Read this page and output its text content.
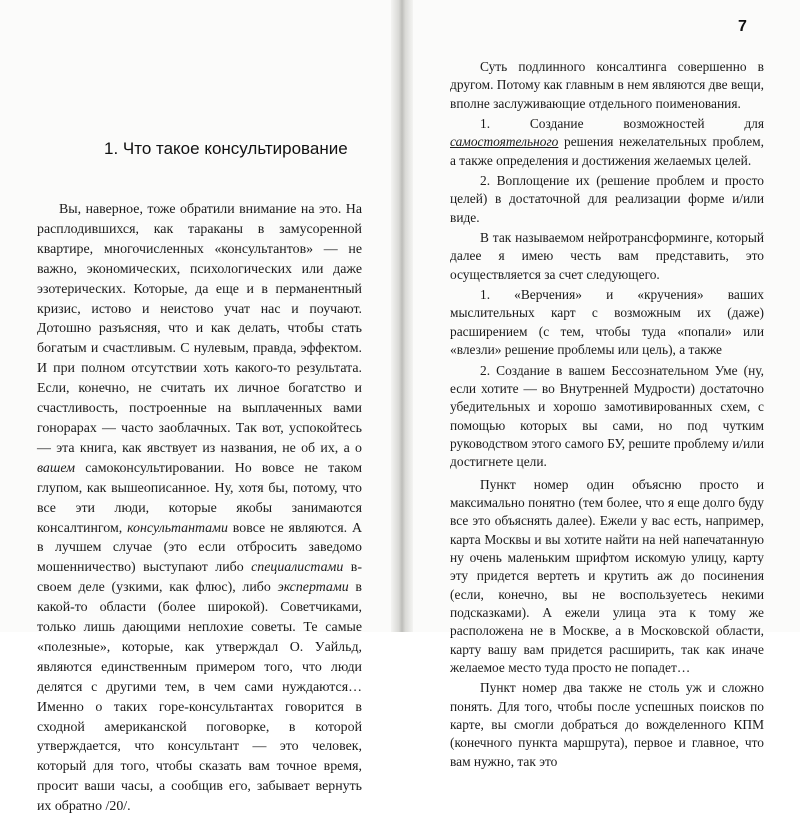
1. Что такое консультирование

Вы, наверное, тоже обратили внимание на это. На расплодившихся, как тараканы в замусоренной квартире, многочисленных «консультантов» — не важно, экономических, психологических или даже эзотерических. Которые, да еще и в перманентный кризис, истово и неистово учат нас и поучают. Дотошно разъясняя, что и как делать, чтобы стать богатым и счастливым. С нулевым, правда, эффектом. И при полном отсутствии хоть какого-то результата. Если, конечно, не считать их личное богатство и счастливость, построенные на выплаченных вами гонорарах — часто заоблачных. Так вот, успокойтесь — эта книга, как явствует из названия, не об их, а о вашем самоконсультировании. Но вовсе не таком глупом, как вышеописанное. Ну, хотя бы, потому, что все эти люди, которые якобы занимаются консалтингом, консультантами вовсе не являются. А в лучшем случае (это если отбросить заведомо мошенничество) выступают либо специалистами в-своем деле (узкими, как флюс), либо экспертами в какой-то области (более широкой). Советчиками, только лишь дающими неплохие советы. Те самые «полезные», которые, как утверждал О. Уайльд, являются единственным примером того, что люди делятся с другими тем, в чем сами нуждаются… Именно о таких горе-консультантах говорится в сходной американской поговорке, в которой утверждается, что консультант — это человек, который для того, чтобы сказать вам точное время, просит ваши часы, а сообщив его, забывает вернуть их обратно /20/.

7

Суть подлинного консалтинга совершенно в другом. Потому как главным в нем являются две вещи, вполне заслуживающие отдельного поименования.

1. Создание возможностей для самостоятельного решения нежелательных проблем, а также определения и достижения желаемых целей.

2. Воплощение их (решение проблем и просто целей) в достаточной для реализации форме и/или виде.

В так называемом нейротрансформинге, который далее я имею честь вам представить, это осуществляется за счет следующего.

1. «Верчения» и «кручения» ваших мыслительных карт с возможным их (даже) расширением (с тем, чтобы туда «попали» или «влезли» решение проблемы или цель), а также

2. Создание в вашем Бессознательном Уме (ну, если хотите — во Внутренней Мудрости) достаточно убедительных и хорошо замотивированных схем, с помощью которых вы сами, но под чутким руководством этого самого БУ, решите проблему и/или достигнете цели.

Пункт номер один объясню просто и максимально понятно (тем более, что я еще долго буду все это объяснять далее). Ежели у вас есть, например, карта Москвы и вы хотите найти на ней напечатанную ну очень маленьким шрифтом искомую улицу, карту эту придется вертеть и крутить аж до посинения (если, конечно, вы не воспользуетесь некими подсказками). А ежели улица эта к тому же расположена не в Москве, а в Московской области, карту вашу вам придется расширить, так как иначе желаемое место туда просто не попадет…

Пункт номер два также не столь уж и сложно понять. Для того, чтобы после успешных поисков по карте, вы смогли добраться до вожделенного КПМ (конечного пункта маршрута), первое и главное, что вам нужно, так это
